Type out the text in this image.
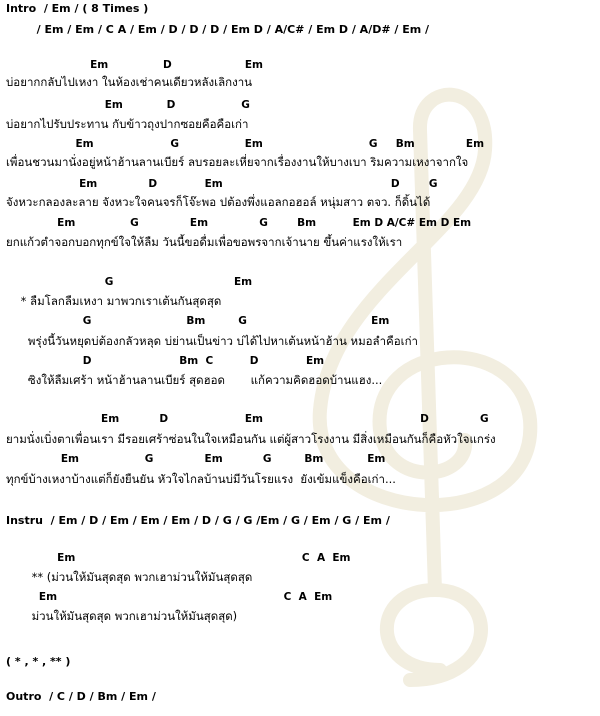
Intro  / Em / ( 8 Times )
/ Em / Em / C A / Em / D / D / D / Em D / A/C# / Em D / A/D# / Em /
Em               D                    Em
บ่อยากกลับไปเหงา ในห้องเช่าคนเดียวหลังเลิกงาน
Em            D                  G
บ่อยากไปรับประทาน กับข้าวถุงปากซอยคือคือเก่า
Em                     G                  Em                             G     Bm              Em
เพื่อนชวนมานั่งอยู่หน้าฮ้านลานเบียร์ ลบรอยละเหี่ยจากเรื่องงานให้บางเบา ริมความเหงาจากใจ
Em              D             Em                                              D        G
จังหวะกลองละลาย จังหวะใจคนจรก็โจ๊ะพอ ปต้องพึ่งแอลกอฮอล์ หนุ่มสาว ตจว. ก็ดิ้นได้
Em               G              Em              G        Bm          Em D A/C# Em D Em
ยกแก้วตำจอกบอกทุกข์ใจให้ลืม วันนี้ขอดื่มเพื่อขอพรจากเจ้านาย ขึ้นค่าแรงให้เรา
G                                 Em
* ลืมโลกลืมเหงา มาพวกเราเต้นกันสุดสุด
G                          Bm         G                                  Em
พรุ่งนี้วันหยุดบ่ต้องกลัวหลุด บ่ย่านเป็นข่าว บ่ได้ไปหาเต้นหน้าฮ้าน หมอลำคือเก่า
D                        Bm  C          D             Em
ซิงให้ลืมเศร้า หน้าฮ้านลานเบียร์ สุดฮอด       แก้ความคิดฮอดบ้านแฮง...
Em           D                     Em                                           D              G
ยามนั่งเบิ่งตาเพื่อนเรา มีรอยเศร้าซ่อนในใจเหมือนกัน แต่ผู้สาวโรงงาน มีสิ่งเหมือนกันก็คือหัวใจแกร่ง
Em                  G              Em           G         Bm            Em
ทุกข์บ้างเหงาบ้างแต่ก็ยังยืนยัน หัวใจไกลบ้านบ่มีวันโรยแรง  ยังเข้มแข็งคือเก่า...
Instru  / Em / D / Em / Em / Em / D / G / G /Em / G / Em / G / Em /
Em                                                              C  A  Em
** (ม่วนให้มันสุดสุด พวกเฮาม่วนให้มันสุดสุด
Em                                                              C  A  Em
ม่วนให้มันสุดสุด พวกเฮาม่วนให้มันสุดสุด)
( * , * , ** )
Outro  / C / D / Bm / Em /
